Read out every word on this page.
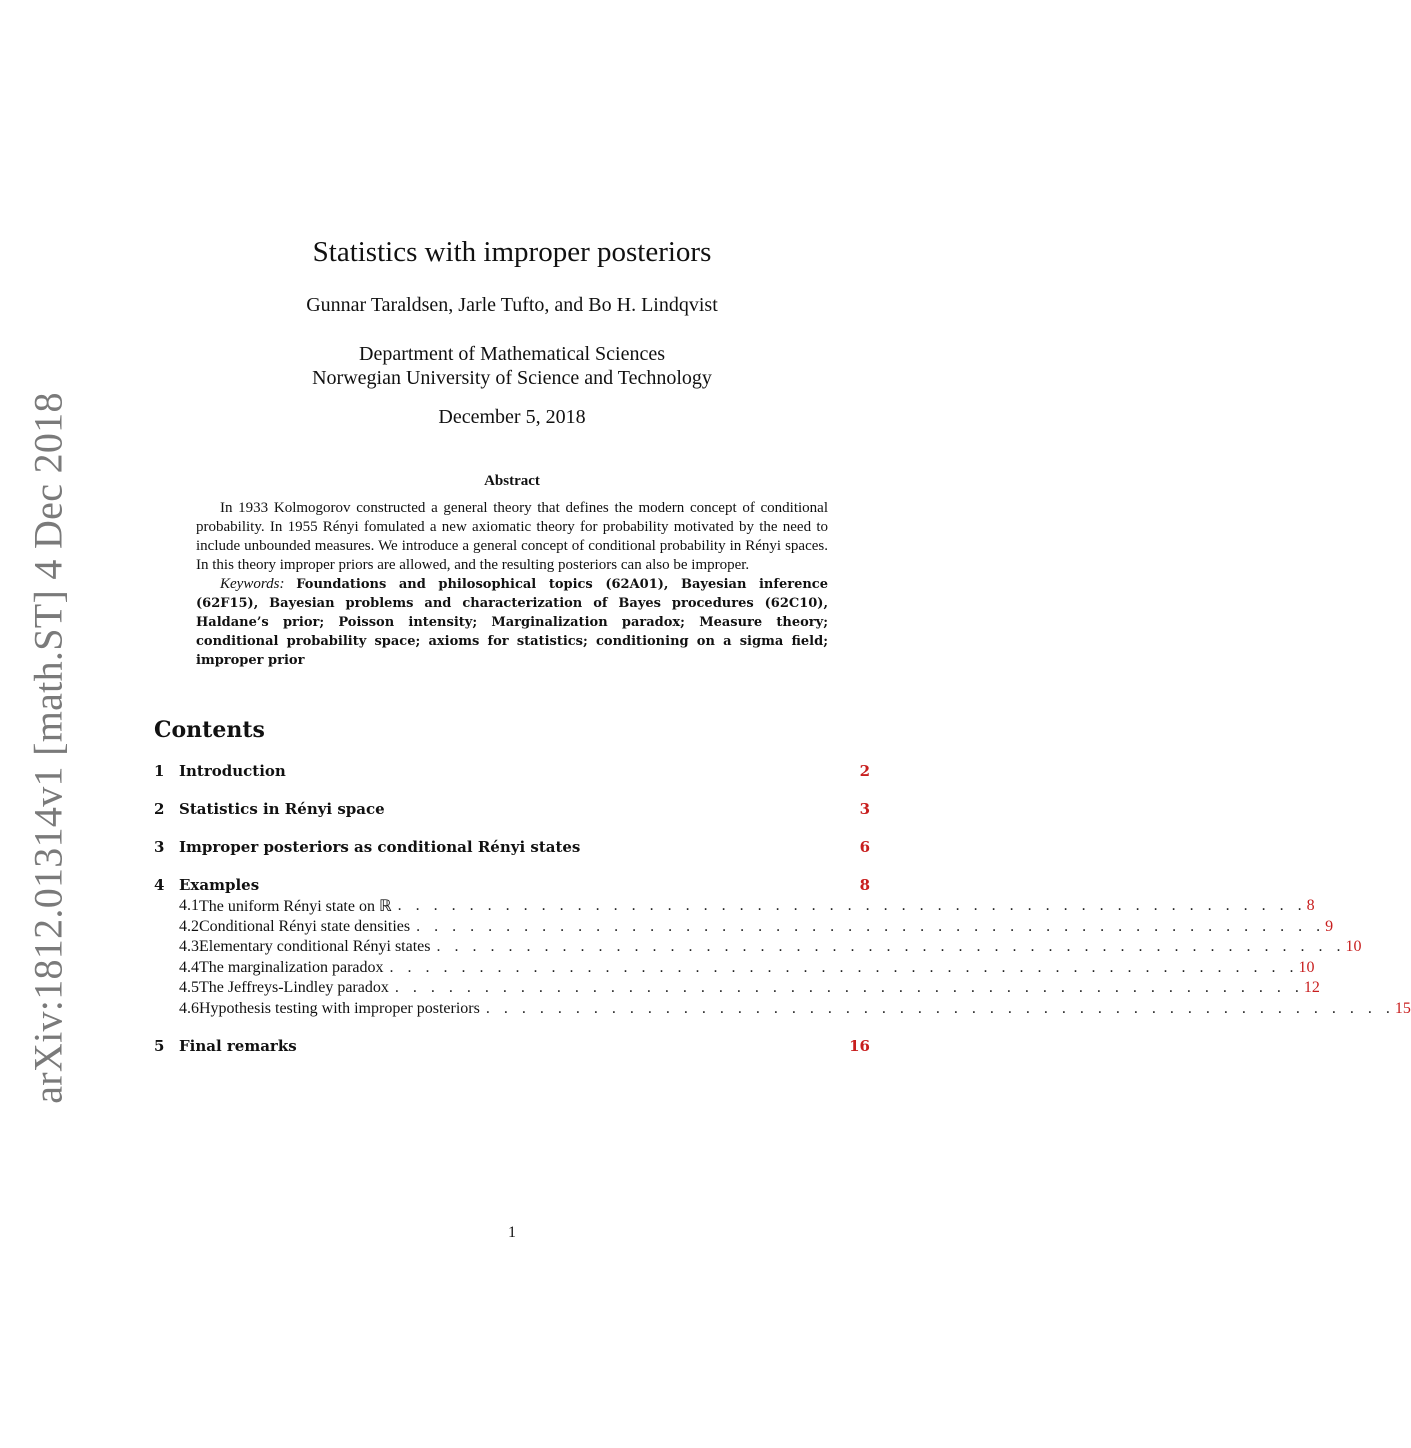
arXiv:1812.01314v1 [math.ST] 4 Dec 2018
Statistics with improper posteriors
Gunnar Taraldsen, Jarle Tufto, and Bo H. Lindqvist
Department of Mathematical Sciences
Norwegian University of Science and Technology
December 5, 2018
Abstract

In 1933 Kolmogorov constructed a general theory that defines the modern concept of conditional probability. In 1955 Rényi fomulated a new axiomatic theory for probability motivated by the need to include unbounded measures. We introduce a general concept of conditional probability in Rényi spaces. In this theory improper priors are allowed, and the resulting posteriors can also be improper.

Keywords: Foundations and philosophical topics (62A01), Bayesian inference (62F15), Bayesian problems and characterization of Bayes procedures (62C10), Haldane’s prior; Poisson intensity; Marginalization paradox; Measure theory; conditional probability space; axioms for statistics; conditioning on a sigma field; improper prior

Contents
1 Introduction	2
2 Statistics in Rényi space	3
3 Improper posteriors as conditional Rényi states	6
4 Examples	8
4.1 The uniform Rényi state on ℝ . . . . . . . . . . . . . . . . . . . . . . . . . . . . . . . . . . . . . . . . . . . . . . . . . . . 8
4.2 Conditional Rényi state densities . . . . . . . . . . . . . . . . . . . . . . . . . . . . . . . . . . . . . . . . . . . . . . . . . . . 9
4.3 Elementary conditional Rényi states . . . . . . . . . . . . . . . . . . . . . . . . . . . . . . . . . . . . . . . . . . . . . . . . . . . 10
4.4 The marginalization paradox . . . . . . . . . . . . . . . . . . . . . . . . . . . . . . . . . . . . . . . . . . . . . . . . . . . 10
4.5 The Jeffreys-Lindley paradox . . . . . . . . . . . . . . . . . . . . . . . . . . . . . . . . . . . . . . . . . . . . . . . . . . . 12
4.6 Hypothesis testing with improper posteriors . . . . . . . . . . . . . . . . . . . . . . . . . . . . . . . . . . . . . . . . . . . . . . . . . . . 15
5 Final remarks	16
1
